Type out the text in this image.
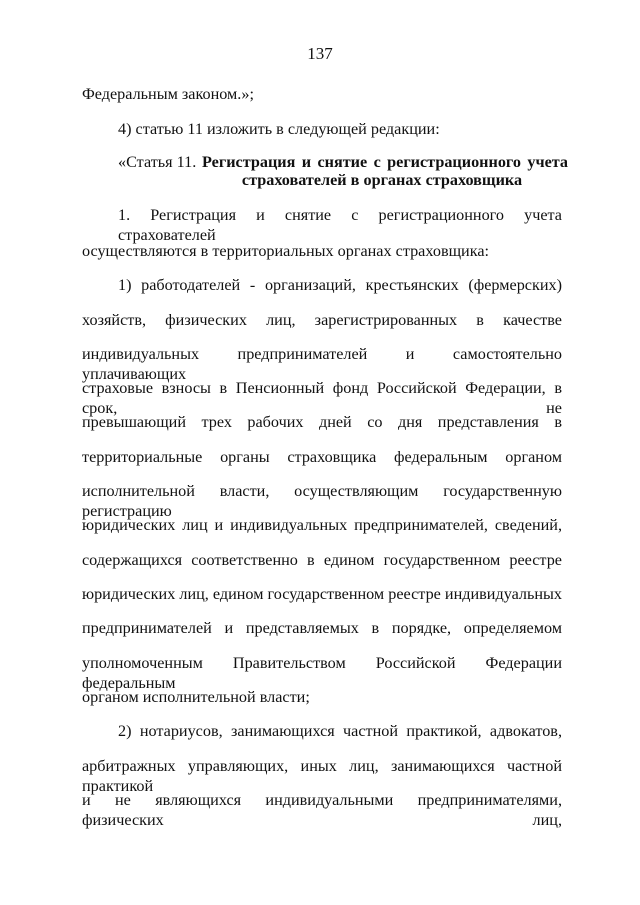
137
Федеральным законом.»;
4) статью 11 изложить в следующей редакции:
«Статья 11. Регистрация и снятие с регистрационного учета
страхователей в органах страховщика
1. Регистрация и снятие с регистрационного учета страхователей
осуществляются в территориальных органах страховщика:
1) работодателей - организаций, крестьянских (фермерских)
хозяйств, физических лиц, зарегистрированных в качестве
индивидуальных предпринимателей и самостоятельно уплачивающих
страховые взносы в Пенсионный фонд Российской Федерации, в срок, не
превышающий трех рабочих дней со дня представления в
территориальные органы страховщика федеральным органом
исполнительной власти, осуществляющим государственную регистрацию
юридических лиц и индивидуальных предпринимателей, сведений,
содержащихся соответственно в едином государственном реестре
юридических лиц, едином государственном реестре индивидуальных
предпринимателей и представляемых в порядке, определяемом
уполномоченным Правительством Российской Федерации федеральным
органом исполнительной власти;
2) нотариусов, занимающихся частной практикой, адвокатов,
арбитражных управляющих, иных лиц, занимающихся частной практикой
и не являющихся индивидуальными предпринимателями, физических лиц,
